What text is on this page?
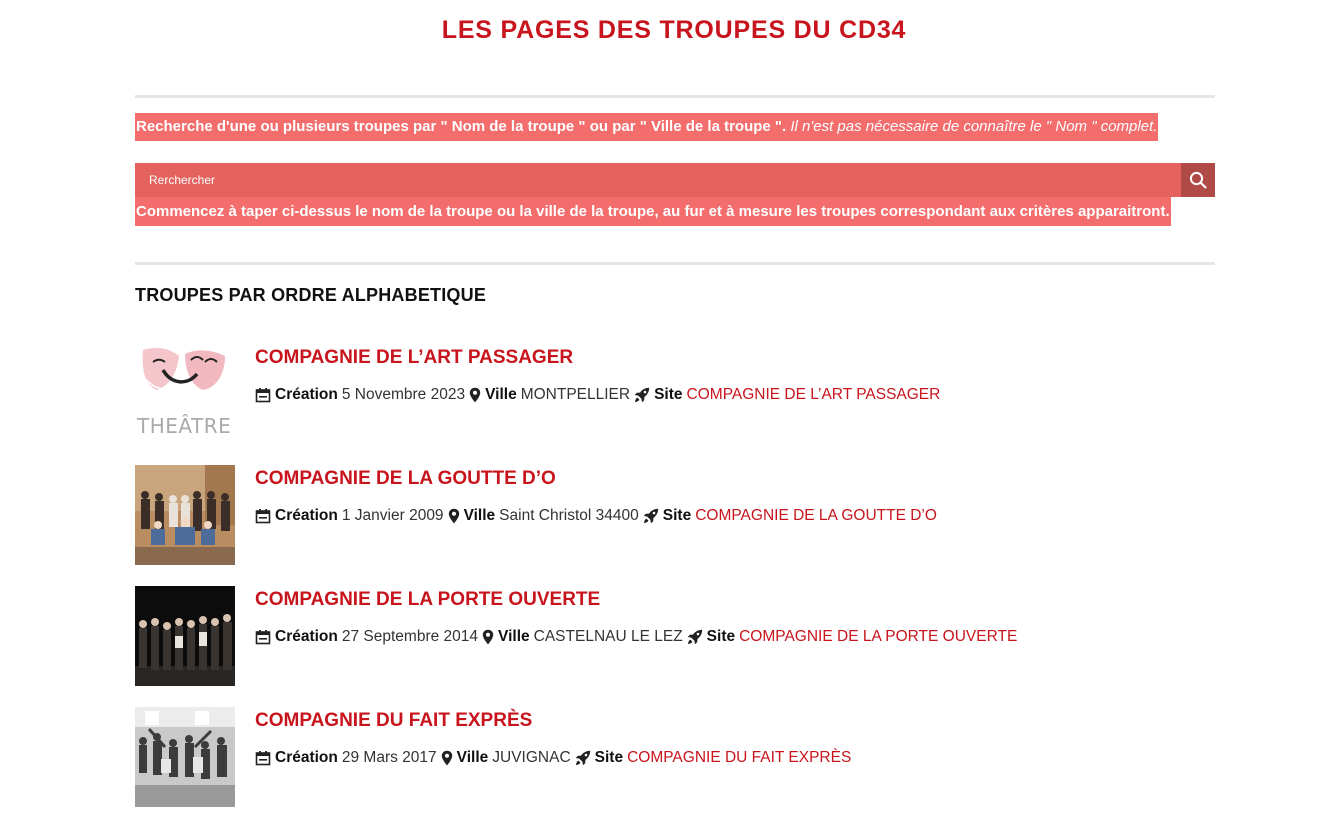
LES PAGES DES TROUPES DU CD34
Recherche d'une ou plusieurs troupes par " Nom de la troupe " ou par " Ville de la troupe ". Il n'est pas nécessaire de connaître le " Nom " complet.
Rerchercher
Commencez à taper ci-dessus le nom de la troupe ou la ville de la troupe, au fur et à mesure les troupes correspondant aux critères apparaitront.
TROUPES PAR ORDRE ALPHABETIQUE
THEÂTRE
COMPAGNIE DE L’ART PASSAGER
Création 5 Novembre 2023 Ville MONTPELLIER Site COMPAGNIE DE L’ART PASSAGER
COMPAGNIE DE LA GOUTTE D’O
Création 1 Janvier 2009 Ville Saint Christol 34400 Site COMPAGNIE DE LA GOUTTE D’O
COMPAGNIE DE LA PORTE OUVERTE
Création 27 Septembre 2014 Ville CASTELNAU LE LEZ Site COMPAGNIE DE LA PORTE OUVERTE
COMPAGNIE DU FAIT EXPRÈS
Création 29 Mars 2017 Ville JUVIGNAC Site COMPAGNIE DU FAIT EXPRÈS
